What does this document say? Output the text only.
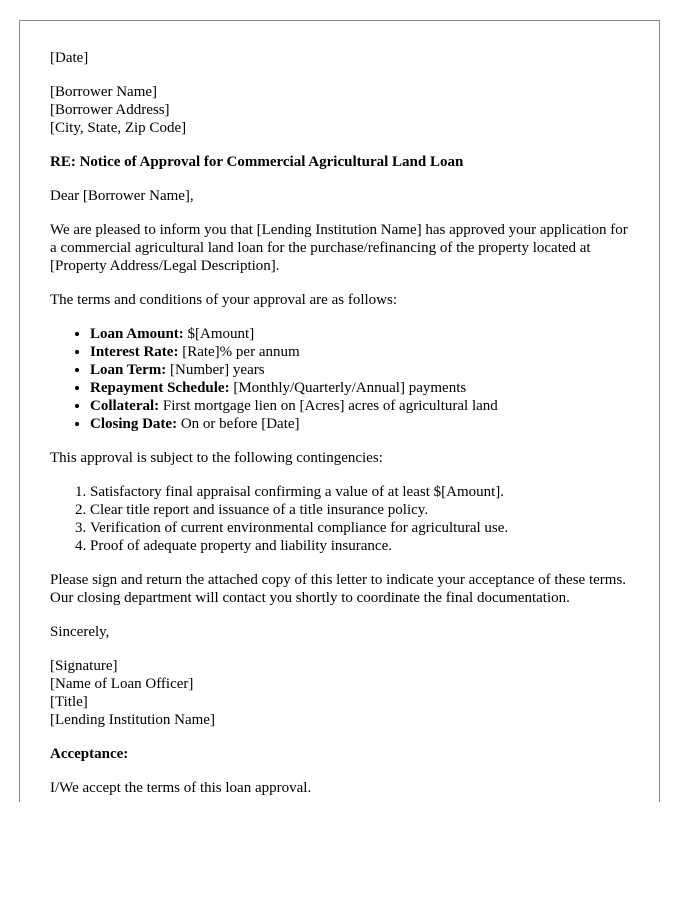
[Date]

[Borrower Name]
[Borrower Address]
[City, State, Zip Code]

RE: Notice of Approval for Commercial Agricultural Land Loan

Dear [Borrower Name],

We are pleased to inform you that [Lending Institution Name] has approved your application for a commercial agricultural land loan for the purchase/refinancing of the property located at [Property Address/Legal Description].

The terms and conditions of your approval are as follows:

• Loan Amount: $[Amount]
• Interest Rate: [Rate]% per annum
• Loan Term: [Number] years
• Repayment Schedule: [Monthly/Quarterly/Annual] payments
• Collateral: First mortgage lien on [Acres] acres of agricultural land
• Closing Date: On or before [Date]

This approval is subject to the following contingencies:

1. Satisfactory final appraisal confirming a value of at least $[Amount].
2. Clear title report and issuance of a title insurance policy.
3. Verification of current environmental compliance for agricultural use.
4. Proof of adequate property and liability insurance.

Please sign and return the attached copy of this letter to indicate your acceptance of these terms. Our closing department will contact you shortly to coordinate the final documentation.

Sincerely,

[Signature]
[Name of Loan Officer]
[Title]
[Lending Institution Name]

Acceptance:

I/We accept the terms of this loan approval.
